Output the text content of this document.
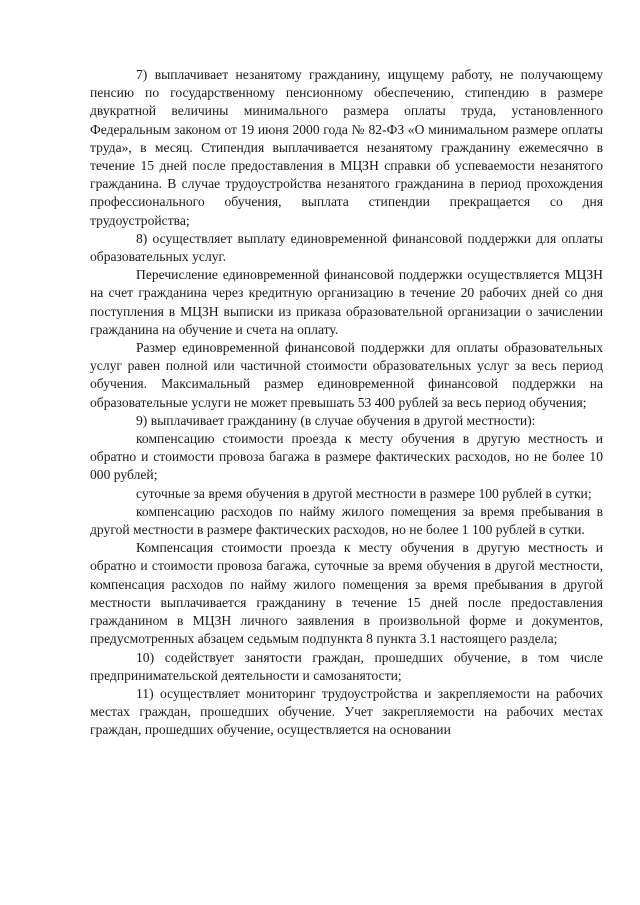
7) выплачивает незанятому гражданину, ищущему работу, не получающему пенсию по государственному пенсионному обеспечению, стипендию в размере двукратной величины минимального размера оплаты труда, установленного Федеральным законом от 19 июня 2000 года № 82-ФЗ «О минимальном размере оплаты труда», в месяц. Стипендия выплачивается незанятому гражданину ежемесячно в течение 15 дней после предоставления в МЦЗН справки об успеваемости незанятого гражданина. В случае трудоустройства незанятого гражданина в период прохождения профессионального обучения, выплата стипендии прекращается со дня трудоустройства;

8) осуществляет выплату единовременной финансовой поддержки для оплаты образовательных услуг.

Перечисление единовременной финансовой поддержки осуществляется МЦЗН на счет гражданина через кредитную организацию в течение 20 рабочих дней со дня поступления в МЦЗН выписки из приказа образовательной организации о зачислении гражданина на обучение и счета на оплату.

Размер единовременной финансовой поддержки для оплаты образовательных услуг равен полной или частичной стоимости образовательных услуг за весь период обучения. Максимальный размер единовременной финансовой поддержки на образовательные услуги не может превышать 53 400 рублей за весь период обучения;

9) выплачивает гражданину (в случае обучения в другой местности):

компенсацию стоимости проезда к месту обучения в другую местность и обратно и стоимости провоза багажа в размере фактических расходов, но не более 10 000 рублей;

суточные за время обучения в другой местности в размере 100 рублей в сутки;

компенсацию расходов по найму жилого помещения за время пребывания в другой местности в размере фактических расходов, но не более 1 100 рублей в сутки.

Компенсация стоимости проезда к месту обучения в другую местность и обратно и стоимости провоза багажа, суточные за время обучения в другой местности, компенсация расходов по найму жилого помещения за время пребывания в другой местности выплачивается гражданину в течение 15 дней после предоставления гражданином в МЦЗН личного заявления в произвольной форме и документов, предусмотренных абзацем седьмым подпункта 8 пункта 3.1 настоящего раздела;

10) содействует занятости граждан, прошедших обучение, в том числе предпринимательской деятельности и самозанятости;

11) осуществляет мониторинг трудоустройства и закрепляемости на рабочих местах граждан, прошедших обучение. Учет закрепляемости на рабочих местах граждан, прошедших обучение, осуществляется на основании
